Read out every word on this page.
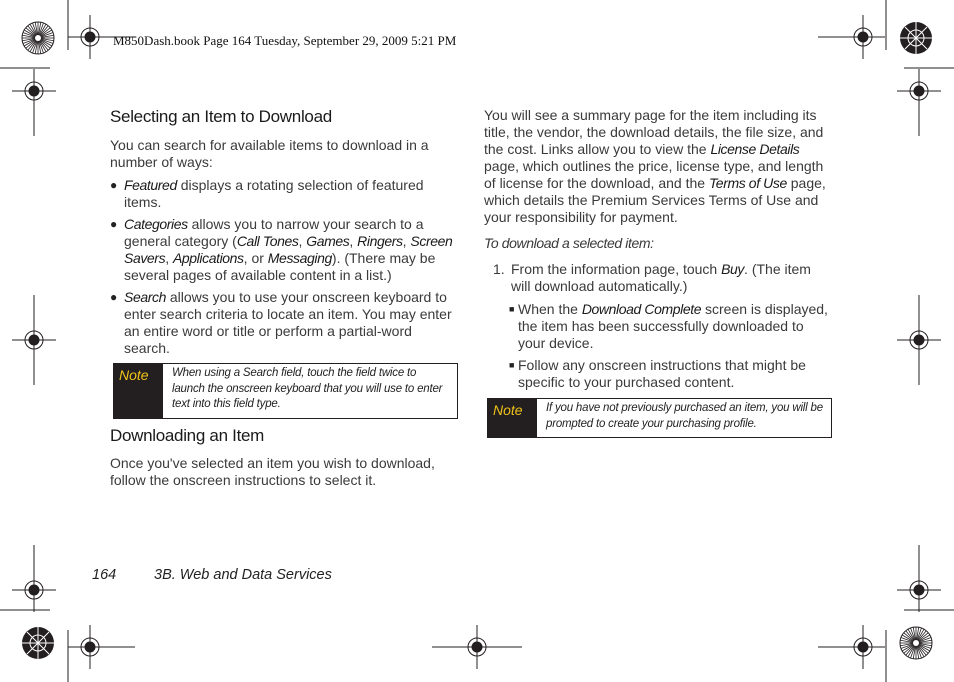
M850Dash.book Page 164 Tuesday, September 29, 2009 5:21 PM
Selecting an Item to Download
You can search for available items to download in a number of ways:
● Featured displays a rotating selection of featured items.
● Categories allows you to narrow your search to a general category (Call Tones, Games, Ringers, Screen Savers, Applications, or Messaging). (There may be several pages of available content in a list.)
● Search allows you to use your onscreen keyboard to enter search criteria to locate an item. You may enter an entire word or title or perform a partial-word search.
Note	When using a Search field, touch the field twice to launch the onscreen keyboard that you will use to enter text into this field type.
Downloading an Item
Once you've selected an item you wish to download, follow the onscreen instructions to select it.
You will see a summary page for the item including its title, the vendor, the download details, the file size, and the cost. Links allow you to view the License Details page, which outlines the price, license type, and length of license for the download, and the Terms of Use page, which details the Premium Services Terms of Use and your responsibility for payment.
To download a selected item:
1. From the information page, touch Buy. (The item will download automatically.)
■ When the Download Complete screen is displayed, the item has been successfully downloaded to your device.
■ Follow any onscreen instructions that might be specific to your purchased content.
Note	If you have not previously purchased an item, you will be prompted to create your purchasing profile.
164	3B. Web and Data Services
